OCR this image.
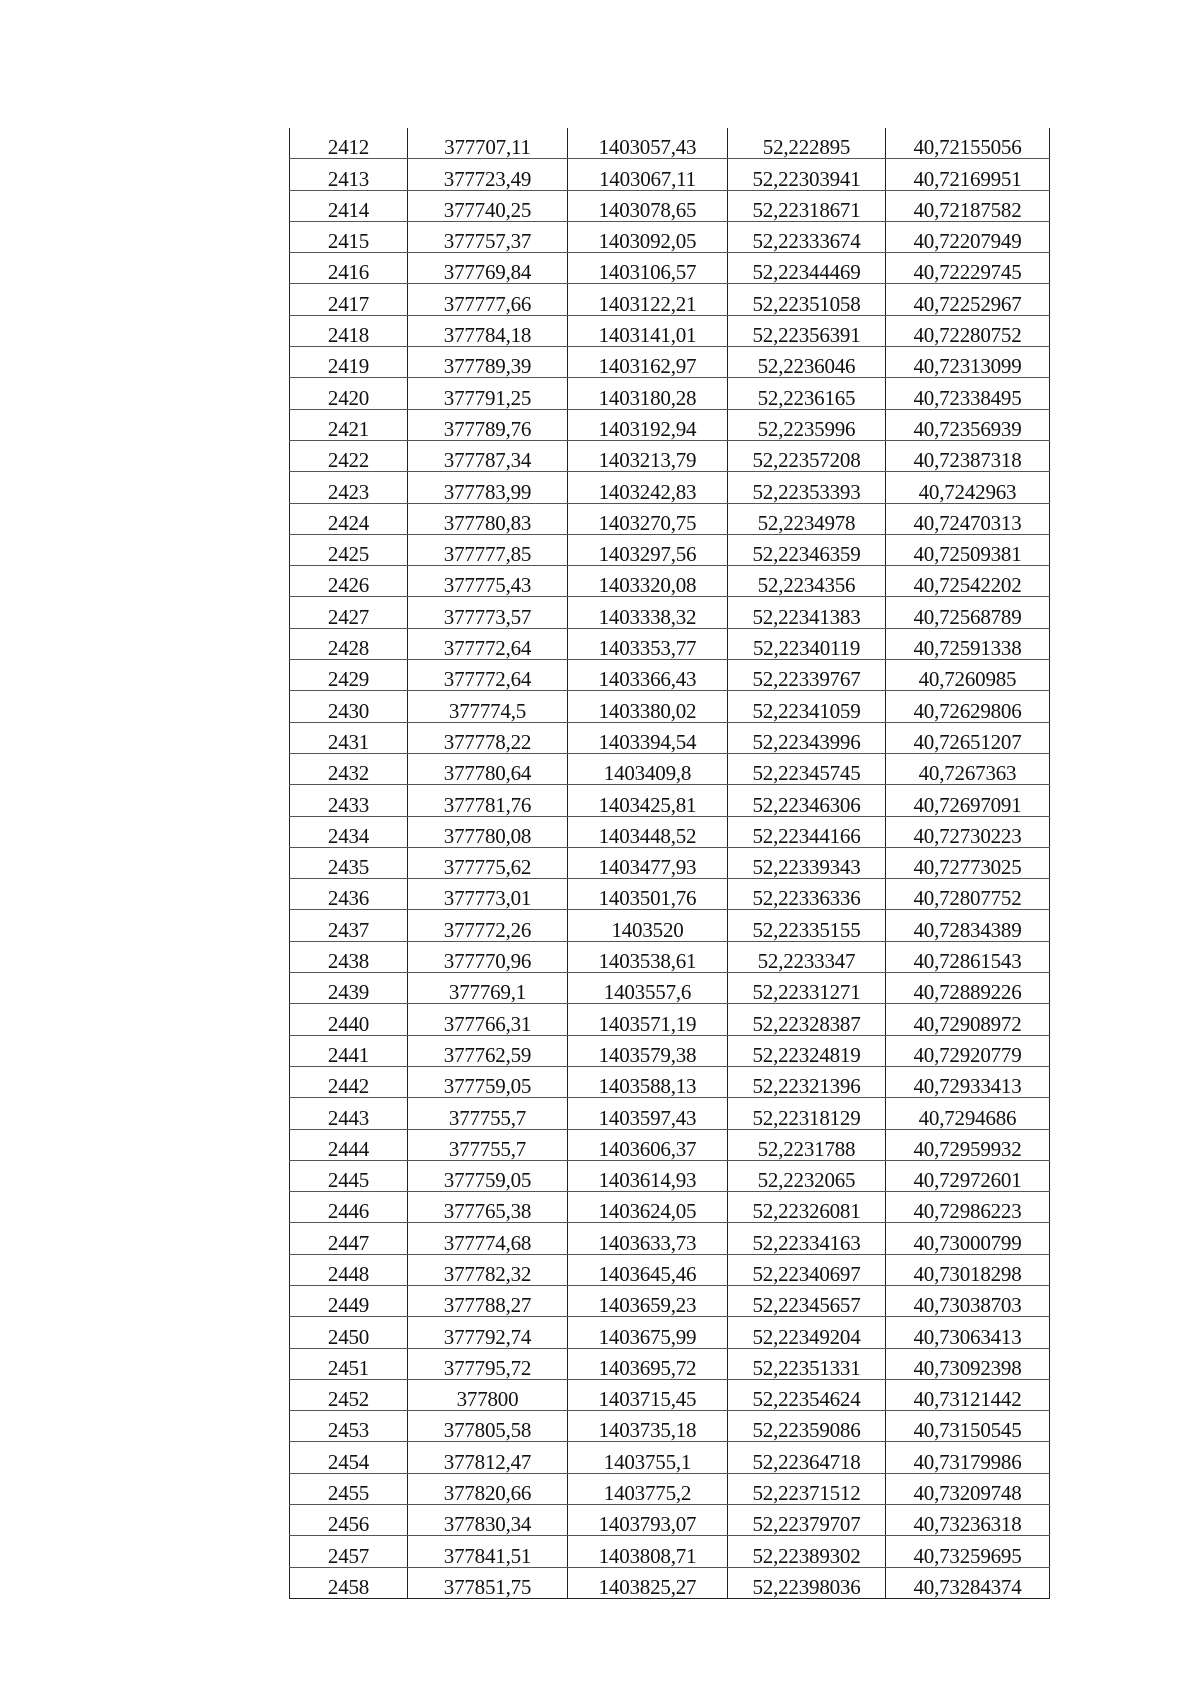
2412	377707,11	1403057,43	52,222895	40,72155056
2413	377723,49	1403067,11	52,22303941	40,72169951
2414	377740,25	1403078,65	52,22318671	40,72187582
2415	377757,37	1403092,05	52,22333674	40,72207949
2416	377769,84	1403106,57	52,22344469	40,72229745
2417	377777,66	1403122,21	52,22351058	40,72252967
2418	377784,18	1403141,01	52,22356391	40,72280752
2419	377789,39	1403162,97	52,2236046	40,72313099
2420	377791,25	1403180,28	52,2236165	40,72338495
2421	377789,76	1403192,94	52,2235996	40,72356939
2422	377787,34	1403213,79	52,22357208	40,72387318
2423	377783,99	1403242,83	52,22353393	40,7242963
2424	377780,83	1403270,75	52,2234978	40,72470313
2425	377777,85	1403297,56	52,22346359	40,72509381
2426	377775,43	1403320,08	52,2234356	40,72542202
2427	377773,57	1403338,32	52,22341383	40,72568789
2428	377772,64	1403353,77	52,22340119	40,72591338
2429	377772,64	1403366,43	52,22339767	40,7260985
2430	377774,5	1403380,02	52,22341059	40,72629806
2431	377778,22	1403394,54	52,22343996	40,72651207
2432	377780,64	1403409,8	52,22345745	40,7267363
2433	377781,76	1403425,81	52,22346306	40,72697091
2434	377780,08	1403448,52	52,22344166	40,72730223
2435	377775,62	1403477,93	52,22339343	40,72773025
2436	377773,01	1403501,76	52,22336336	40,72807752
2437	377772,26	1403520	52,22335155	40,72834389
2438	377770,96	1403538,61	52,2233347	40,72861543
2439	377769,1	1403557,6	52,22331271	40,72889226
2440	377766,31	1403571,19	52,22328387	40,72908972
2441	377762,59	1403579,38	52,22324819	40,72920779
2442	377759,05	1403588,13	52,22321396	40,72933413
2443	377755,7	1403597,43	52,22318129	40,7294686
2444	377755,7	1403606,37	52,2231788	40,72959932
2445	377759,05	1403614,93	52,2232065	40,72972601
2446	377765,38	1403624,05	52,22326081	40,72986223
2447	377774,68	1403633,73	52,22334163	40,73000799
2448	377782,32	1403645,46	52,22340697	40,73018298
2449	377788,27	1403659,23	52,22345657	40,73038703
2450	377792,74	1403675,99	52,22349204	40,73063413
2451	377795,72	1403695,72	52,22351331	40,73092398
2452	377800	1403715,45	52,22354624	40,73121442
2453	377805,58	1403735,18	52,22359086	40,73150545
2454	377812,47	1403755,1	52,22364718	40,73179986
2455	377820,66	1403775,2	52,22371512	40,73209748
2456	377830,34	1403793,07	52,22379707	40,73236318
2457	377841,51	1403808,71	52,22389302	40,73259695
2458	377851,75	1403825,27	52,22398036	40,73284374
